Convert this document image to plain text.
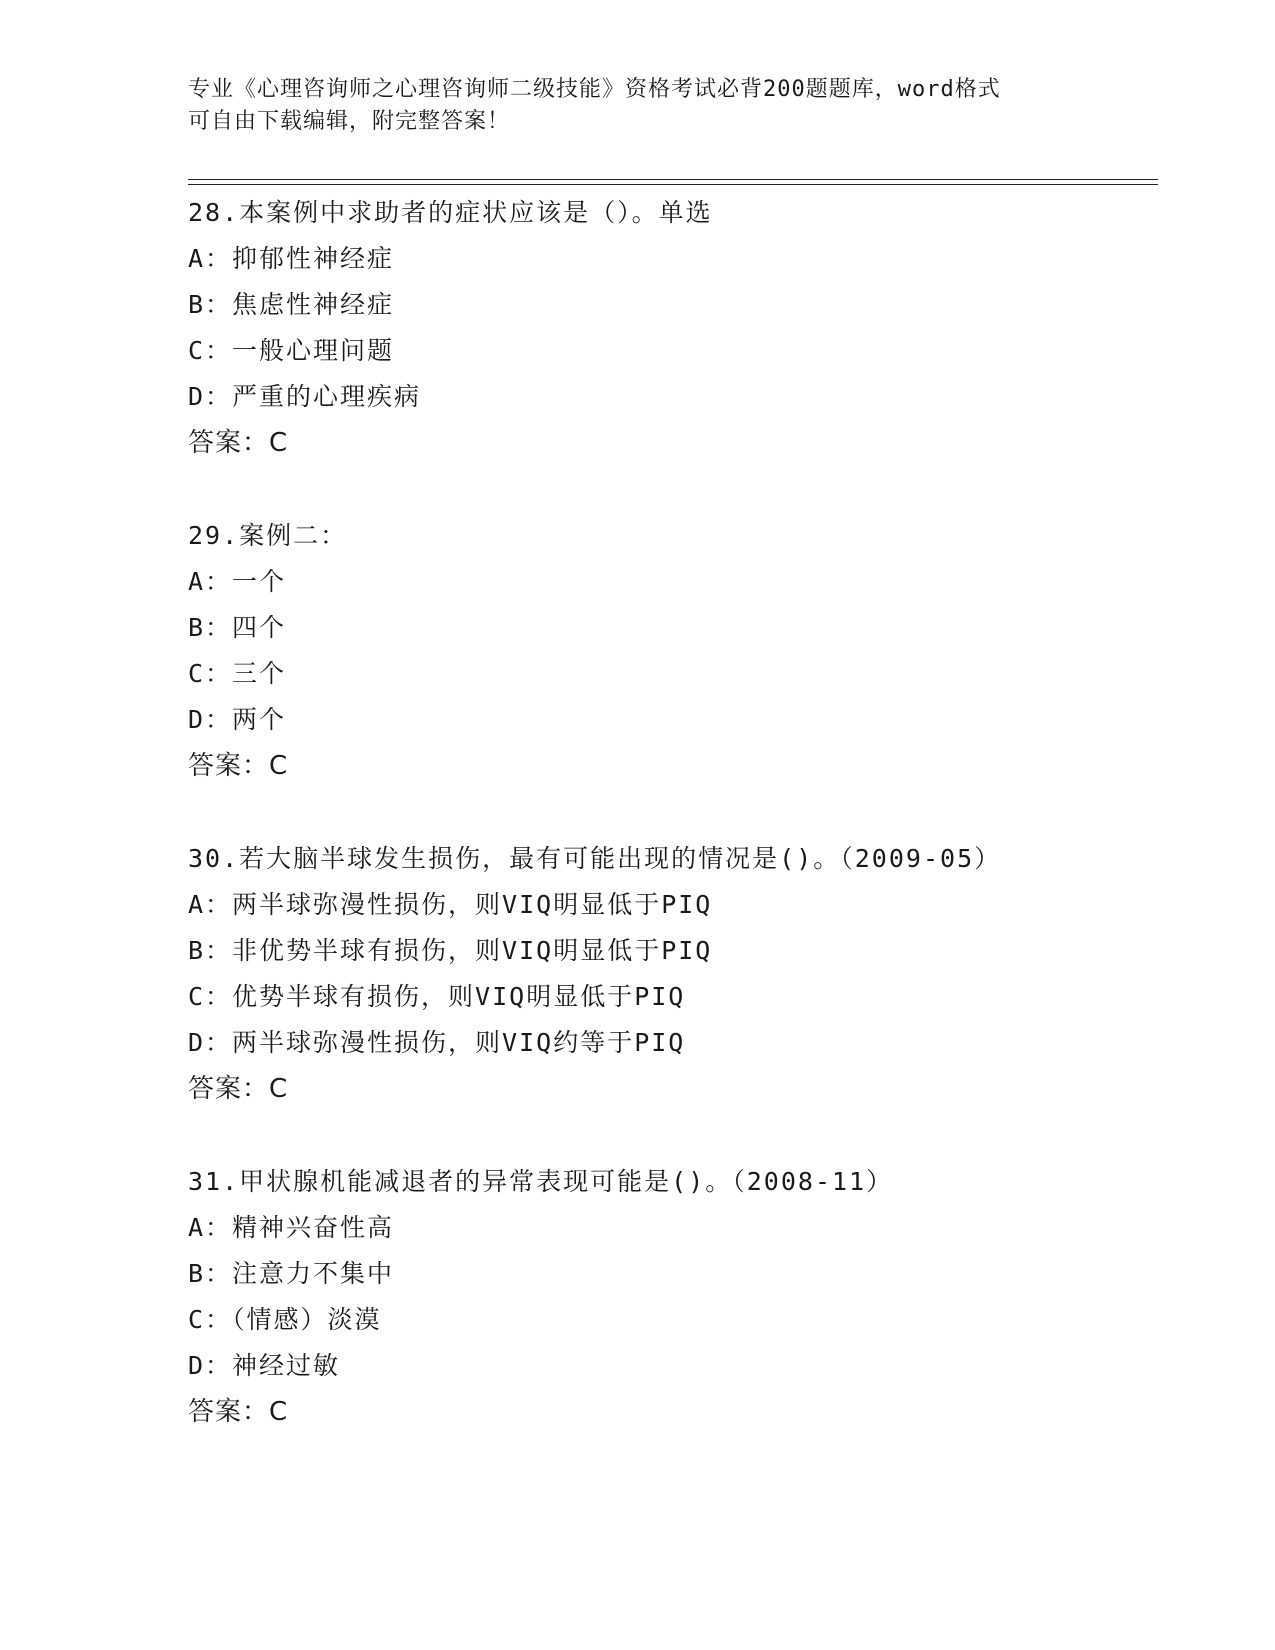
专业《心理咨询师之心理咨询师二级技能》资格考试必背200题题库，word格式
可自由下载编辑，附完整答案！
28.本案例中求助者的症状应该是（）。单选
A：抑郁性神经症
B：焦虑性神经症
C：一般心理问题
D：严重的心理疾病
答案：C
29.案例二：
A：一个
B：四个
C：三个
D：两个
答案：C
30.若大脑半球发生损伤，最有可能出现的情况是()。（2009-05）
A：两半球弥漫性损伤，则VIQ明显低于PIQ
B：非优势半球有损伤，则VIQ明显低于PIQ
C：优势半球有损伤，则VIQ明显低于PIQ
D：两半球弥漫性损伤，则VIQ约等于PIQ
答案：C
31.甲状腺机能减退者的异常表现可能是()。（2008-11）
A：精神兴奋性高
B：注意力不集中
C：（情感）淡漠
D：神经过敏
答案：C
